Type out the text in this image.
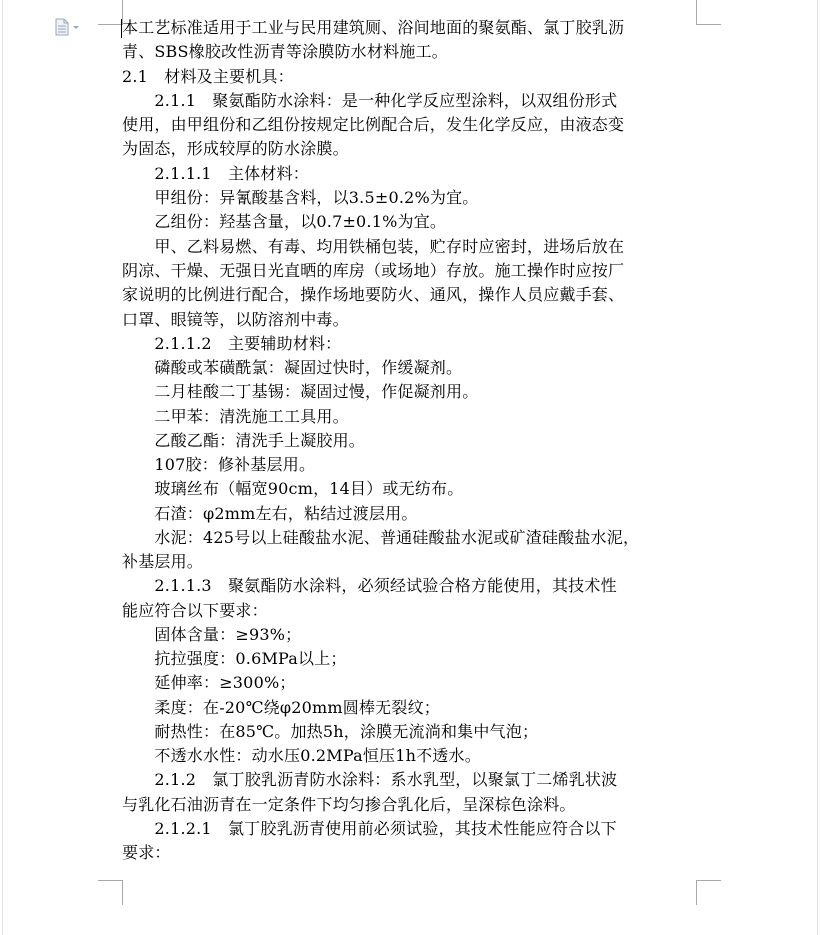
本工艺标准适用于工业与民用建筑厕、浴间地面的聚氨酯、氯丁胶乳沥
青、SBS橡胶改性沥青等涂膜防水材料施工。
2.1　材料及主要机具：
　　2.1.1　聚氨酯防水涂料：是一种化学反应型涂料，以双组份形式
使用，由甲组份和乙组份按规定比例配合后，发生化学反应，由液态变
为固态，形成较厚的防水涂膜。
　　2.1.1.1　主体材料：
　　甲组份：异氰酸基含料，以3.5±0.2%为宜。
　　乙组份：羟基含量，以0.7±0.1%为宜。
　　甲、乙料易燃、有毒、均用铁桶包装，贮存时应密封，进场后放在
阴凉、干燥、无强日光直晒的库房（或场地）存放。施工操作时应按厂
家说明的比例进行配合，操作场地要防火、通风，操作人员应戴手套、
口罩、眼镜等，以防溶剂中毒。
　　2.1.1.2　主要辅助材料：
　　磷酸或苯磺酰氯：凝固过快时，作缓凝剂。
　　二月桂酸二丁基锡：凝固过慢，作促凝剂用。
　　二甲苯：清洗施工工具用。
　　乙酸乙酯：清洗手上凝胶用。
　　107胶：修补基层用。
　　玻璃丝布（幅宽90cm，14目）或无纺布。
　　石渣：φ2mm左右，粘结过渡层用。
　　水泥：425号以上硅酸盐水泥、普通硅酸盐水泥或矿渣硅酸盐水泥，
补基层用。
　　2.1.1.3　聚氨酯防水涂料，必须经试验合格方能使用，其技术性
能应符合以下要求：
　　固体含量：≥93%；
　　抗拉强度：0.6MPa以上；
　　延伸率：≥300%；
　　柔度：在-20℃绕φ20mm圆棒无裂纹；
　　耐热性：在85℃。加热5h，涂膜无流淌和集中气泡；
　　不透水水性：动水压0.2MPa恒压1h不透水。
　　2.1.2　氯丁胶乳沥青防水涂料：系水乳型，以聚氯丁二烯乳状波
与乳化石油沥青在一定条件下均匀掺合乳化后，呈深棕色涂料。
　　2.1.2.1　氯丁胶乳沥青使用前必须试验，其技术性能应符合以下
要求：
